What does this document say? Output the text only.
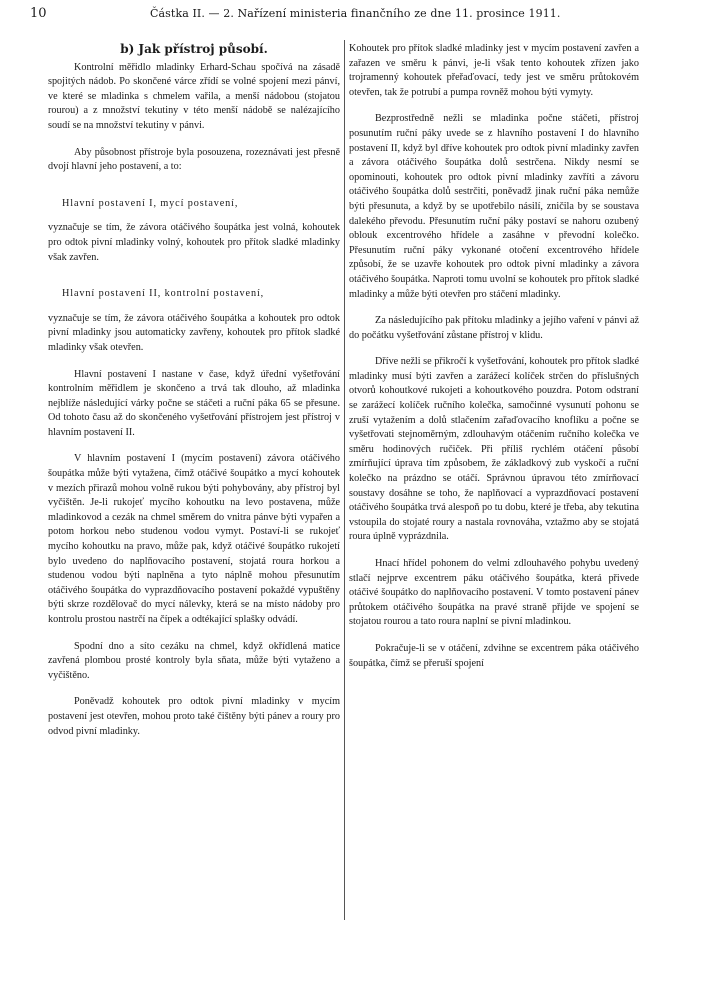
10	Částka II. — 2. Nařízení ministeria finančního ze dne 11. prosince 1911.
b) Jak přístroj působí.

Kontrolní měřidlo mladinky Erhard-Schau spočívá na zásadě spojitých nádob. Po skončené várce zřídí se volné spojení mezi pánví, ve které se mladinka s chmelem vařila, a menší nádobou (stojatou rourou) a z množství tekutiny v této menší nádobě se nalézajícího soudí se na množství tekutiny v pánvi.

Aby působnost přístroje byla posouzena, rozeznávati jest přesně dvojí hlavní jeho postavení, a to:

Hlavní postavení I, mycí postavení,

vyznačuje se tím, že závora otáčivého šoupátka jest volná, kohoutek pro odtok pivní mladinky volný, kohoutek pro přítok sladké mladinky však zavřen.

Hlavní postavení II, kontrolní postavení,

vyznačuje se tím, že závora otáčivého šoupátka a kohoutek pro odtok pivní mladinky jsou automaticky zavřeny, kohoutek pro přítok sladké mladinky však otevřen.

Hlavní postavení I nastane v čase, když úřední vyšetřování kontrolním měřidlem je skončeno a trvá tak dlouho, až mladinka nejblíže následující várky počne se stáčeti a ruční páka 65 se přesune. Od tohoto času až do skončeného vyšetřování přístrojem jest přístroj v hlavním postavení II.

V hlavním postavení I (mycím postavení) závora otáčivého šoupátka může býti vytažena, čímž otáčivé šoupátko a mycí kohoutek v mezích přirazů mohou volně rukou býti pohybovány, aby přístroj byl vyčištěn. Je-li rukojeť mycího kohoutku na levo postavena, může mladinkovod a cezák na chmel směrem do vnitra pánve býti vypařen a potom horkou nebo studenou vodou vymyt. Postaví-li se rukojeť mycího kohoutku na pravo, může pak, když otáčivé šoupátko rukojetí bylo uvedeno do naplňovacího postavení, stojatá roura horkou a studenou vodou býti naplněna a tyto náplně mohou přesunutím otáčivého šoupátka do vyprazdňovacího postavení pokaždé vypuštěny býti skrze rozdělovač do mycí nálevky, která se na místo nádoby pro kontrolu prostou nastrčí na čípek a odtékající splašky odvádí.

Spodní dno a síto cezáku na chmel, když okřídlená matice zavřená plombou prosté kontroly byla sňata, může býti vytaženo a vyčištěno.

Poněvadž kohoutek pro odtok pivní mladinky v mycím postavení jest otevřen, mohou proto také čištěny býti pánev a roury pro odvod pivní mladinky.

Kohoutek pro přítok sladké mladinky jest v mycím postavení zavřen a zařazen ve směru k pánvi, je-li však tento kohoutek zřízen jako trojramenný kohoutek přeřaďovací, tedy jest ve směru průtokovém otevřen, tak že potrubí a pumpa rovněž mohou býti vymyty.

Bezprostředně nežli se mladinka počne stáčeti, přístroj posunutím ruční páky uvede se z hlavního postavení I do hlavního postavení II, když byl dříve kohoutek pro odtok pivní mladinky zavřen a závora otáčivého šoupátka dolů sestrčena. Nikdy nesmí se opominouti, kohoutek pro odtok pivní mladinky zavříti a závoru otáčivého šoupátka dolů sestrčiti, poněvadž jinak ruční páka nemůže býti přesunuta, a když by se upotřebilo násilí, zničila by se soustava dalekého převodu. Přesunutím ruční páky postaví se nahoru ozubený oblouk excentrového hřídele a zasáhne v převodní kolečko. Přesunutím ruční páky vykonané otočení excentrového hřídele způsobí, že se uzavře kohoutek pro odtok pivní mladinky a závora otáčivého šoupátka. Naproti tomu uvolní se kohoutek pro přítok sladké mladinky a může býti otevřen pro stáčení mladinky.

Za následujícího pak přítoku mladinky a jejího vaření v pánvi až do počátku vyšetřování zůstane přístroj v klidu.

Dříve nežli se přikročí k vyšetřování, kohoutek pro přítok sladké mladinky musí býti zavřen a zarážecí kolíček strčen do příslušných otvorů kohoutkové rukojeti a kohoutkového pouzdra. Potom odstraní se zarážecí kolíček ručního kolečka, samočinné vysunutí pohonu se zruší vytažením a dolů stlačením zařaďovacího knoflíku a počne se vyšetřovati stejnoměrným, zdlouhavým otáčením ručního kolečka ve směru hodinových ručiček. Při příliš rychlém otáčení působí zmírňující úprava tím způsobem, že základkový zub vyskočí a ruční kolečko na prázdno se otáčí. Správnou úpravou této zmírňovací soustavy dosáhne se toho, že naplňovací a vyprazdňovací postavení otáčivého šoupátka trvá alespoň po tu dobu, které je třeba, aby tekutina vstoupila do stojaté roury a nastala rovnováha, vztažmo aby se stojatá roura úplně vyprázdnila.

Hnací hřídel pohonem do velmi zdlouhavého pohybu uvedený stlačí nejprve excentrem páku otáčivého šoupátka, která přivede otáčivé šoupátko do naplňovacího postavení. V tomto postavení pánev průtokem otáčivého šoupátka na pravé straně přijde ve spojení se stojatou rourou a tato roura naplní se pivní mladinkou.

Pokračuje-li se v otáčení, zdvihne se excentrem páka otáčivého šoupátka, čímž se přeruší spojení
